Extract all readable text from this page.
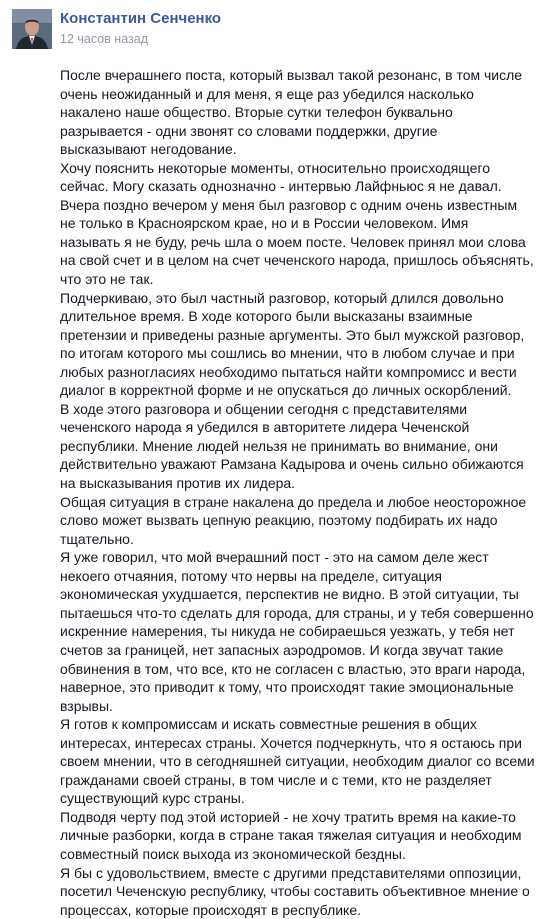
Константин Сенченко
12 часов назад

После вчерашнего поста, который вызвал такой резонанс, в том числе
очень неожиданный и для меня, я еще раз убедился насколько
накалено наше общество. Вторые сутки телефон буквально
разрывается - одни звонят со словами поддержки, другие
высказывают негодование.

Хочу пояснить некоторые моменты, относительно происходящего
сейчас. Могу сказать однозначно - интервью Лайфньюс я не давал.
Вчера поздно вечером у меня был разговор с одним очень известным
не только в Красноярском крае, но и в России человеком. Имя
называть я не буду, речь шла о моем посте. Человек принял мои слова
на свой счет и в целом на счет чеченского народа, пришлось объяснять,
что это не так.

Подчеркиваю, это был частный разговор, который длился довольно
длительное время. В ходе которого были высказаны взаимные
претензии и приведены разные аргументы. Это был мужской разговор,
по итогам которого мы сошлись во мнении, что в любом случае и при
любых разногласиях необходимо пытаться найти компромисс и вести
диалог в корректной форме и не опускаться до личных оскорблений.

В ходе этого разговора и общении сегодня с представителями
чеченского народа я убедился в авторитете лидера Чеченской
республики. Мнение людей нельзя не принимать во внимание, они
действительно уважают Рамзана Кадырова и очень сильно обижаются
на высказывания против их лидера.

Общая ситуация в стране накалена до предела и любое неосторожное
слово может вызвать цепную реакцию, поэтому подбирать их надо
тщательно.

Я уже говорил, что мой вчерашний пост - это на самом деле жест
некоего отчаяния, потому что нервы на пределе, ситуация
экономическая ухудшается, перспектив не видно. В этой ситуации, ты
пытаешься что-то сделать для города, для страны, и у тебя совершенно
искренние намерения, ты никуда не собираешься уезжать, у тебя нет
счетов за границей, нет запасных аэродромов. И когда звучат такие
обвинения в том, что все, кто не согласен с властью, это враги народа,
наверное, это приводит к тому, что происходят такие эмоциональные
взрывы.

Я готов к компромиссам и искать совместные решения в общих
интересах, интересах страны. Хочется подчеркнуть, что я остаюсь при
своем мнении, что в сегодняшней ситуации, необходим диалог со всеми
гражданами своей страны, в том числе и с теми, кто не разделяет
существующий курс страны.

Подводя черту под этой историей - не хочу тратить время на какие-то
личные разборки, когда в стране такая тяжелая ситуация и необходим
совместный поиск выхода из экономической бездны.

Я бы с удовольствием, вместе с другими представителями оппозиции,
посетил Чеченскую республику, чтобы составить объективное мнение о
процессах, которые происходят в республике.
